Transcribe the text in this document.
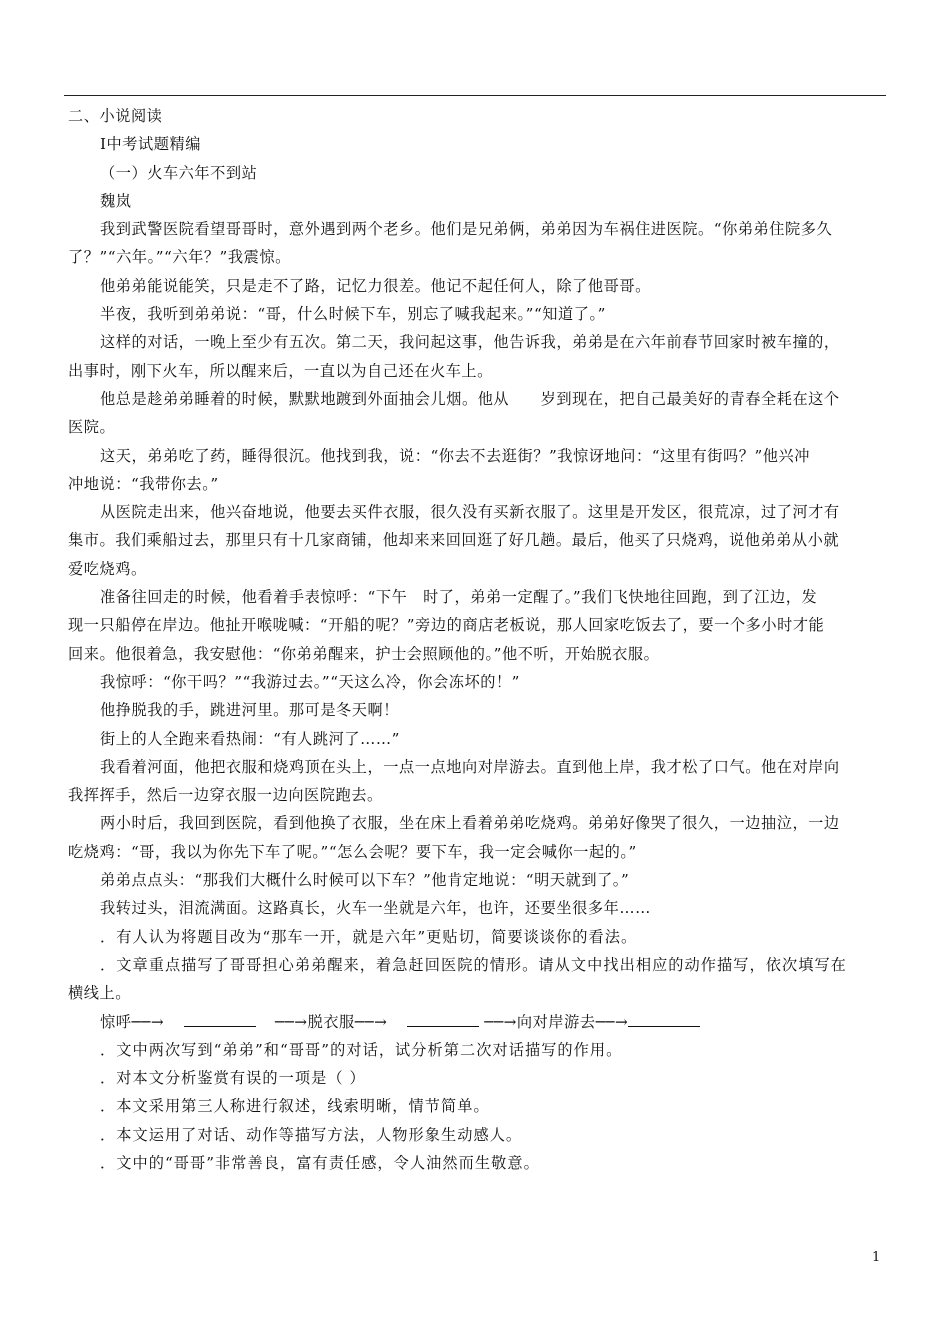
二、小说阅读
Ⅰ中考试题精编
（一）火车六年不到站
魏岚
我到武警医院看望哥哥时，意外遇到两个老乡。他们是兄弟俩，弟弟因为车祸住进医院。“你弟弟住院多久
了？”“六年。”“六年？”我震惊。
他弟弟能说能笑，只是走不了路，记忆力很差。他记不起任何人，除了他哥哥。
半夜，我听到弟弟说：“哥，什么时候下车，别忘了喊我起来。”“知道了。”
这样的对话，一晚上至少有五次。第二天，我问起这事，他告诉我，弟弟是在六年前春节回家时被车撞的，
出事时，刚下火车，所以醒来后，一直以为自己还在火车上。
他总是趁弟弟睡着的时候，默默地踱到外面抽会儿烟。他从　　岁到现在，把自己最美好的青春全耗在这个
医院。
这天，弟弟吃了药，睡得很沉。他找到我，说：“你去不去逛街？”我惊讶地问：“这里有街吗？”他兴冲
冲地说：“我带你去。”
从医院走出来，他兴奋地说，他要去买件衣服，很久没有买新衣服了。这里是开发区，很荒凉，过了河才有
集市。我们乘船过去，那里只有十几家商铺，他却来来回回逛了好几趟。最后，他买了只烧鸡，说他弟弟从小就
爱吃烧鸡。
准备往回走的时候，他看着手表惊呼：“下午　时了，弟弟一定醒了。”我们飞快地往回跑，到了江边，发
现一只船停在岸边。他扯开喉咙喊：“开船的呢？”旁边的商店老板说，那人回家吃饭去了，要一个多小时才能
回来。他很着急，我安慰他：“你弟弟醒来，护士会照顾他的。”他不听，开始脱衣服。
我惊呼：“你干吗？”“我游过去。”“天这么冷，你会冻坏的！”
他挣脱我的手，跳进河里。那可是冬天啊！
街上的人全跑来看热闹：“有人跳河了……”
我看着河面，他把衣服和烧鸡顶在头上，一点一点地向对岸游去。直到他上岸，我才松了口气。他在对岸向
我挥挥手，然后一边穿衣服一边向医院跑去。
两小时后，我回到医院，看到他换了衣服，坐在床上看着弟弟吃烧鸡。弟弟好像哭了很久，一边抽泣，一边
吃烧鸡：“哥，我以为你先下车了呢。”“怎么会呢？要下车，我一定会喊你一起的。”
弟弟点点头：“那我们大概什么时候可以下车？”他肯定地说：“明天就到了。”
我转过头，泪流满面。这路真长，火车一坐就是六年，也许，还要坐很多年……
．有人认为将题目改为“那车一开，就是六年”更贴切，简要谈谈你的看法。
．文章重点描写了哥哥担心弟弟醒来，着急赶回医院的情形。请从文中找出相应的动作描写，依次填写在
横线上。
惊呼──→	──→脱衣服──→	──→向对岸游去──→
．文中两次写到“弟弟”和“哥哥”的对话，试分析第二次对话描写的作用。
．对本文分析鉴赏有误的一项是（ ）
．本文采用第三人称进行叙述，线索明晰，情节简单。
．本文运用了对话、动作等描写方法，人物形象生动感人。
．文中的“哥哥”非常善良，富有责任感，令人油然而生敬意。
1
